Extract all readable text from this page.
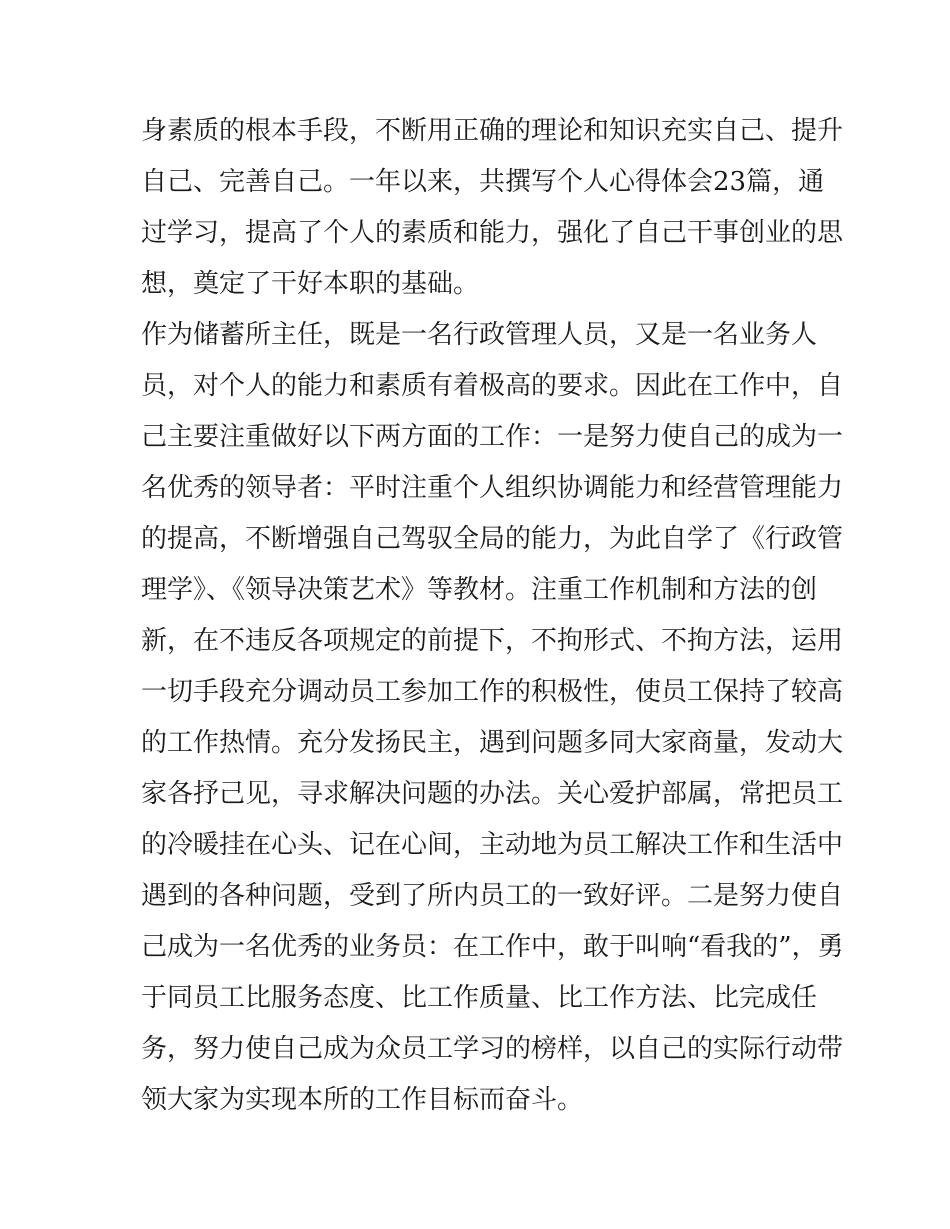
身素质的根本手段，不断用正确的理论和知识充实自己、提升
自己、完善自己。一年以来，共撰写个人心得体会23篇，通
过学习，提高了个人的素质和能力，强化了自己干事创业的思
想，奠定了干好本职的基础。
作为储蓄所主任，既是一名行政管理人员，又是一名业务人
员，对个人的能力和素质有着极高的要求。因此在工作中，自
己主要注重做好以下两方面的工作：一是努力使自己的成为一
名优秀的领导者：平时注重个人组织协调能力和经营管理能力
的提高，不断增强自己驾驭全局的能力，为此自学了《行政管
理学》、《领导决策艺术》等教材。注重工作机制和方法的创
新，在不违反各项规定的前提下，不拘形式、不拘方法，运用
一切手段充分调动员工参加工作的积极性，使员工保持了较高
的工作热情。充分发扬民主，遇到问题多同大家商量，发动大
家各抒己见，寻求解决问题的办法。关心爱护部属，常把员工
的冷暖挂在心头、记在心间，主动地为员工解决工作和生活中
遇到的各种问题，受到了所内员工的一致好评。二是努力使自
己成为一名优秀的业务员：在工作中，敢于叫响“看我的”，勇
于同员工比服务态度、比工作质量、比工作方法、比完成任
务，努力使自己成为众员工学习的榜样，以自己的实际行动带
领大家为实现本所的工作目标而奋斗。
